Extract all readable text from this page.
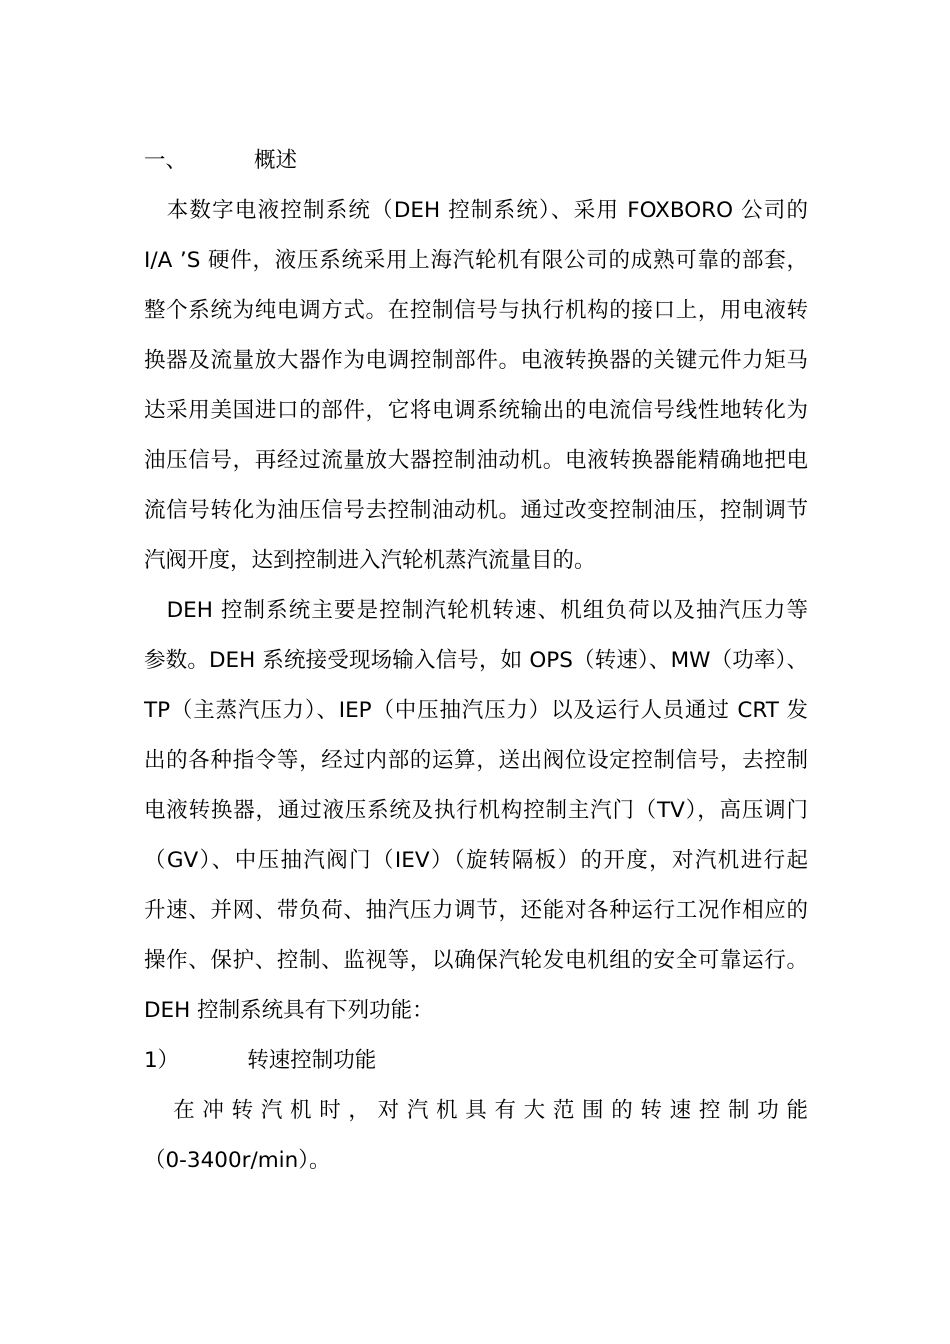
一、	概述
　本数字电液控制系统（DEH 控制系统）、采用 FOXBORO 公司的
I/A ’S 硬件，液压系统采用上海汽轮机有限公司的成熟可靠的部套，
整个系统为纯电调方式。在控制信号与执行机构的接口上，用电液转
换器及流量放大器作为电调控制部件。电液转换器的关键元件力矩马
达采用美国进口的部件，它将电调系统输出的电流信号线性地转化为
油压信号，再经过流量放大器控制油动机。电液转换器能精确地把电
流信号转化为油压信号去控制油动机。通过改变控制油压，控制调节
汽阀开度，达到控制进入汽轮机蒸汽流量目的。
　DEH 控制系统主要是控制汽轮机转速、机组负荷以及抽汽压力等
参数。DEH 系统接受现场输入信号，如 OPS（转速）、MW（功率）、
TP（主蒸汽压力）、IEP（中压抽汽压力）以及运行人员通过 CRT 发
出的各种指令等，经过内部的运算，送出阀位设定控制信号，去控制
电液转换器，通过液压系统及执行机构控制主汽门（TV），高压调门
（GV）、中压抽汽阀门（IEV）（旋转隔板）的开度，对汽机进行起
升速、并网、带负荷、抽汽压力调节，还能对各种运行工况作相应的
操作、保护、控制、监视等，以确保汽轮发电机组的安全可靠运行。
DEH 控制系统具有下列功能：
1）	转速控制功能
　在冲转汽机时，对汽机具有大范围的转速控制功能
（0-3400r/min）。
